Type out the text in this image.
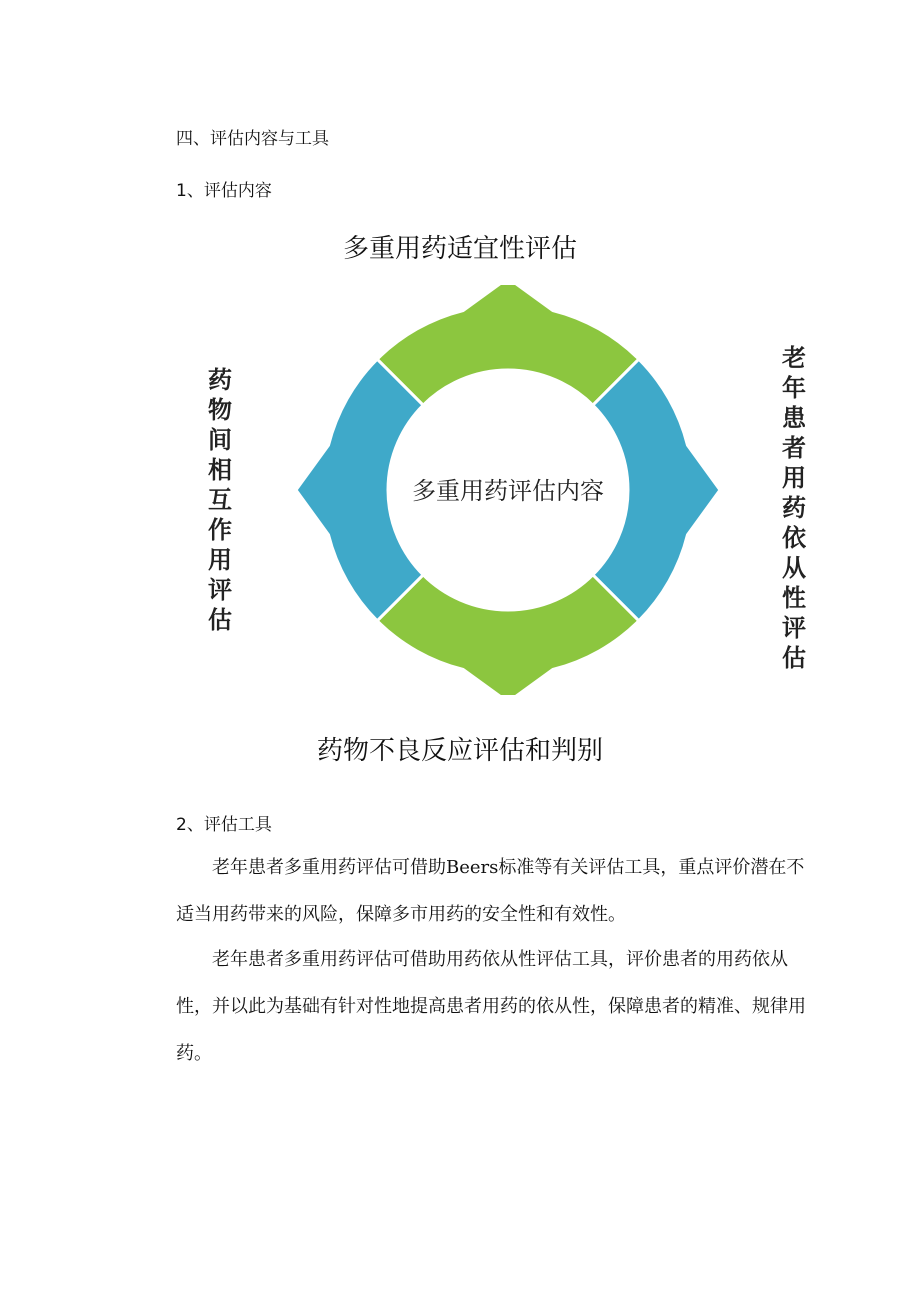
四、评估内容与工具
1、评估内容
多重用药适宜性评估
药
物
间
相
互
作
用
评
估
老
年
患
者
用
药
依
从
性
评
估
多重用药评估内容
药物不良反应评估和判别
2、评估工具
老年患者多重用药评估可借助Beers标准等有关评估工具，重点评价潜在不适当用药带来的风险，保障多市用药的安全性和有效性。
老年患者多重用药评估可借助用药依从性评估工具，评价患者的用药依从性，并以此为基础有针对性地提高患者用药的依从性，保障患者的精准、规律用药。
